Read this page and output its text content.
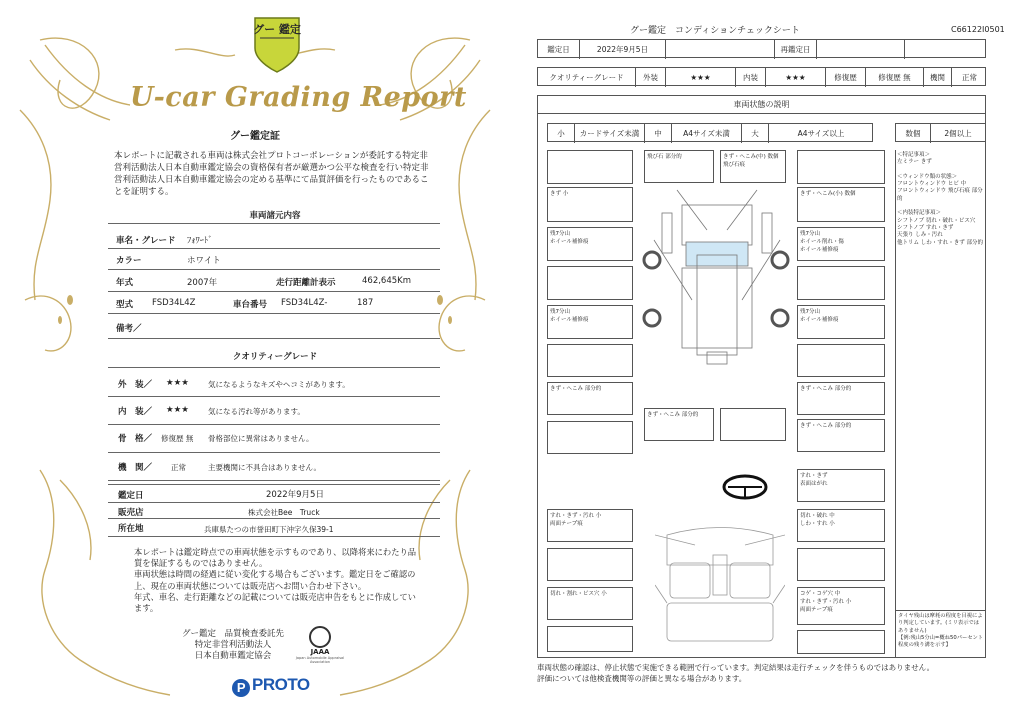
グー 鑑定
U-car Grading Report
グー鑑定証
本レポートに記載される車両は株式会社プロトコーポレーションが委託する特定非営利活動法人日本自動車鑑定協会の資格保有者が厳選かつ公平な検査を行い特定非営利活動法人日本自動車鑑定協会の定める基準にて品質評価を行ったものであることを証明する。
車両諸元内容
車名・グレード ﾌｫﾜｰﾄﾞ
カラー	ホワイト
年式	2007年	走行距離計表示	462,645Km
型式 FSD34L4Z	車台番号 FSD34L4Z-	187
備考／
クオリティーグレード
外　装／ ★★★	気になるようなキズやヘコミがあります。
内　装／ ★★★	気になる汚れ等があります。
骨　格／ 修復歴 無 骨格部位に異常はありません。
機　関／	正常	主要機関に不具合はありません。
鑑定日	2022年9月5日
販売店	株式会社Bee　Truck
所在地	兵庫県たつの市誉田町下沖字久保39-1
本レポートは鑑定時点での車両状態を示すものであり、以降将来にわたり品質を保証するものではありません。
車両状態は時間の経過に従い変化する場合もございます。鑑定日をご確認の上、現在の車両状態については販売店へお問い合わせ下さい。
年式、車名、走行距離などの記載については販売店申告をもとに作成しています。
グー鑑定　品質検査委託先
特定非営利活動法人
日本自動車鑑定協会	JAAA
Japan Automobile Appraisal Association
P PROTO
グー鑑定　コンディションチェックシート	C66122I0501
鑑定日	2022年9月5日	再鑑定日
クオリティーグレード	外装	★★★	内装	★★★	修復歴	修復歴 無	機関	正常
車両状態の説明
小	カードサイズ未満	中	A4サイズ未満	大	A4サイズ以上	数個	2個以上
＜特記事項＞
左ミラー きず

＜ウィンドウ類の状態＞
フロントウィンドウ ヒビ 中
フロントウィンドウ 飛び石痕 部分的

＜内装特記事項＞
シフトノブ 切れ・破れ・ビス穴
シフトノブ すれ・きず
天張り しみ・汚れ
他トリム しわ・すれ・きず 部分的
タイヤ残山は摩耗の程度を目視により判定しています。(ミリ表示ではありません)
【例:残山5分山=概ね50パーセント程度の残り溝を示す】
飛び石 部分的	きず・へこみ(中) 数個
飛び石痕
きず 小	きず・へこみ(小) 数個
残7分山
ホイール補修痕
残7分山
ホイール削れ・傷
ホイール補修痕
残7分山
ホイール補修痕
残7分山
ホイール補修痕
きず・へこみ 部分的	きず・へこみ 部分的
きず・へこみ 部分的
きず・へこみ 部分的
すれ・きず
表面はがれ
すれ・きず・汚れ 小
両面テープ痕
切れ・破れ 中
しわ・すれ 小
切れ・割れ・ビス穴 小	コゲ・コゲ穴 中
すれ・きず・汚れ 小
両面テープ痕
車両状態の確認は、停止状態で実施できる範囲で行っています。判定結果は走行チェックを伴うものではありません。
評価については他検査機関等の評価と異なる場合があります。
